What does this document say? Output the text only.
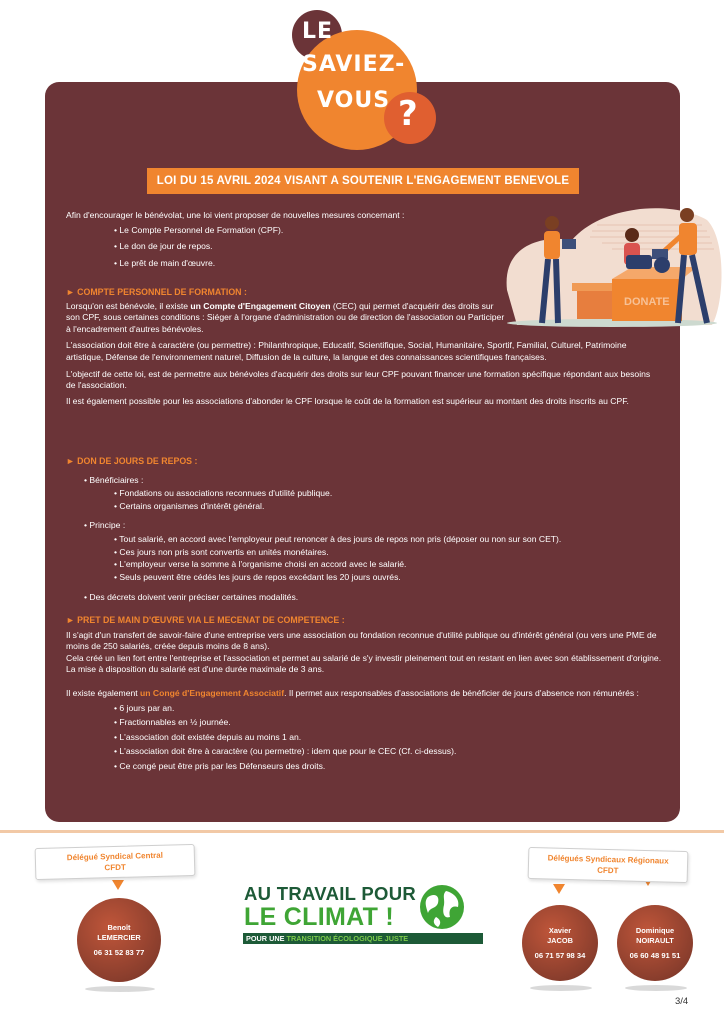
LE
SAVIEZ-
VOUS ?
LOI DU 15 AVRIL 2024 VISANT A SOUTENIR L'ENGAGEMENT BENEVOLE

Afin d'encourager le bénévolat, une loi vient proposer de nouvelles mesures concernant :

• Le Compte Personnel de Formation (CPF).

• Le don de jour de repos.

• Le prêt de main d'œuvre.

DONATE

► COMPTE PERSONNEL DE FORMATION :

Lorsqu'on est bénévole, il existe un Compte d'Engagement Citoyen (CEC) qui permet d'acquérir des droits sur son CPF, sous certaines conditions : Siéger à l'organe d'administration ou de direction de l'association ou Participer à l'encadrement d'autres bénévoles.

L'association doit être à caractère (ou permettre) : Philanthropique, Educatif, Scientifique, Social, Humanitaire, Sportif, Familial, Culturel, Patrimoine artistique, Défense de l'environnement naturel, Diffusion de la culture, la langue et des connaissances scientifiques françaises.

L'objectif de cette loi, est de permettre aux bénévoles d'acquérir des droits sur leur CPF pouvant financer une formation spécifique répondant aux besoins de l'association.

Il est également possible pour les associations d'abonder le CPF lorsque le coût de la formation est supérieur au montant des droits inscrits au CPF.

► DON DE JOURS DE REPOS :

• Bénéficiaires :

• Fondations ou associations reconnues d'utilité publique.

• Certains organismes d'intérêt général.

• Principe :

• Tout salarié, en accord avec l'employeur peut renoncer à des jours de repos non pris (déposer ou non sur son CET).

• Ces jours non pris sont convertis en unités monétaires.

• L'employeur verse la somme à l'organisme choisi en accord avec le salarié.

• Seuls peuvent être cédés les jours de repos excédant les 20 jours ouvrés.

• Des décrets doivent venir préciser certaines modalités.

► PRET DE MAIN D'ŒUVRE VIA LE MECENAT DE COMPETENCE :

Il s'agit d'un transfert de savoir-faire d'une entreprise vers une association ou fondation reconnue d'utilité publique ou d'intérêt général (ou vers une PME de moins de 250 salariés, créée depuis moins de 8 ans).

Cela créé un lien fort entre l'entreprise et l'association et permet au salarié de s'y investir pleinement tout en restant en lien avec son établissement d'origine.

La mise à disposition du salarié est d'une durée maximale de 3 ans.

Il existe également un Congé d'Engagement Associatif. Il permet aux responsables d'associations de bénéficier de jours d'absence non rémunérés :

• 6 jours par an.

• Fractionnables en ½ journée.

• L'association doit existée depuis au moins 1 an.

• L'association doit être à caractère (ou permettre) : idem que pour le CEC (Cf. ci-dessus).

• Ce congé peut être pris par les Défenseurs des droits.

Délégué Syndical Central
CFDT
Délégués Syndicaux Régionaux
CFDT
Benoît
LEMERCIER
06 31 52 83 77
Xavier
JACOB
06 71 57 98 34
Dominique
NOIRAULT
06 60 48 91 51
AU TRAVAIL POUR
LE CLIMAT !
POUR UNE TRANSITION ÉCOLOGIQUE JUSTE
3/4
